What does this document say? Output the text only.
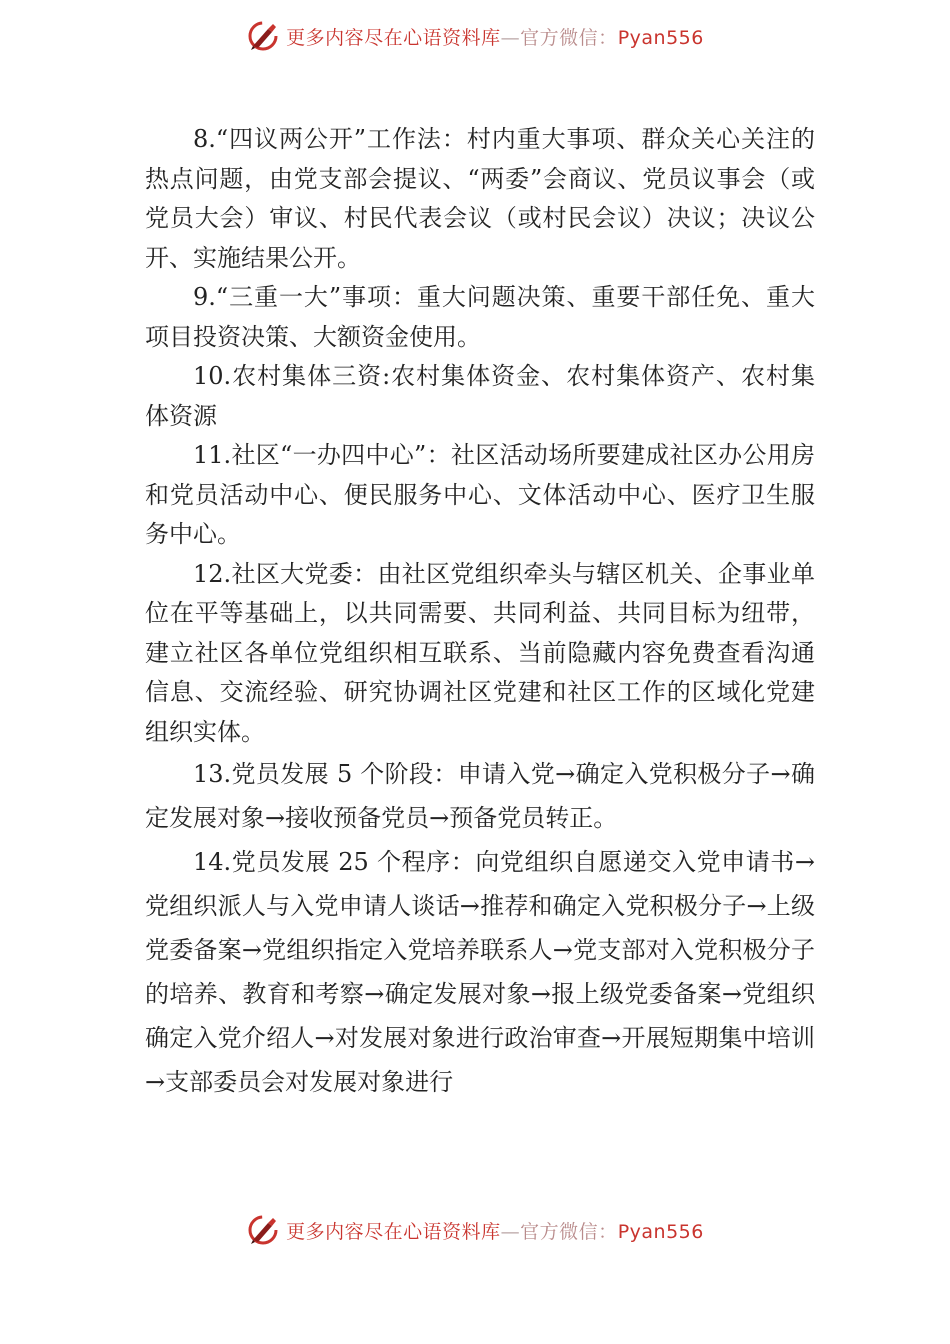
更多内容尽在心语资料库—官方微信：Pyan556

8.“四议两公开”工作法：村内重大事项、群众关心关注的热点问题，由党支部会提议、“两委”会商议、党员议事会（或党员大会）审议、村民代表会议（或村民会议）决议；决议公开、实施结果公开。

9.“三重一大”事项：重大问题决策、重要干部任免、重大项目投资决策、大额资金使用。

10.农村集体三资:农村集体资金、农村集体资产、农村集体资源

11.社区“一办四中心”：社区活动场所要建成社区办公用房和党员活动中心、便民服务中心、文体活动中心、医疗卫生服务中心。

12.社区大党委：由社区党组织牵头与辖区机关、企事业单位在平等基础上，以共同需要、共同利益、共同目标为纽带，建立社区各单位党组织相互联系、当前隐藏内容免费查看沟通信息、交流经验、研究协调社区党建和社区工作的区域化党建组织实体。

13.党员发展 5 个阶段：申请入党→确定入党积极分子→确定发展对象→接收预备党员→预备党员转正。

14.党员发展 25 个程序：向党组织自愿递交入党申请书→党组织派人与入党申请人谈话→推荐和确定入党积极分子→上级党委备案→党组织指定入党培养联系人→党支部对入党积极分子的培养、教育和考察→确定发展对象→报上级党委备案→党组织确定入党介绍人→对发展对象进行政治审查→开展短期集中培训→支部委员会对发展对象进行

更多内容尽在心语资料库—官方微信：Pyan556
